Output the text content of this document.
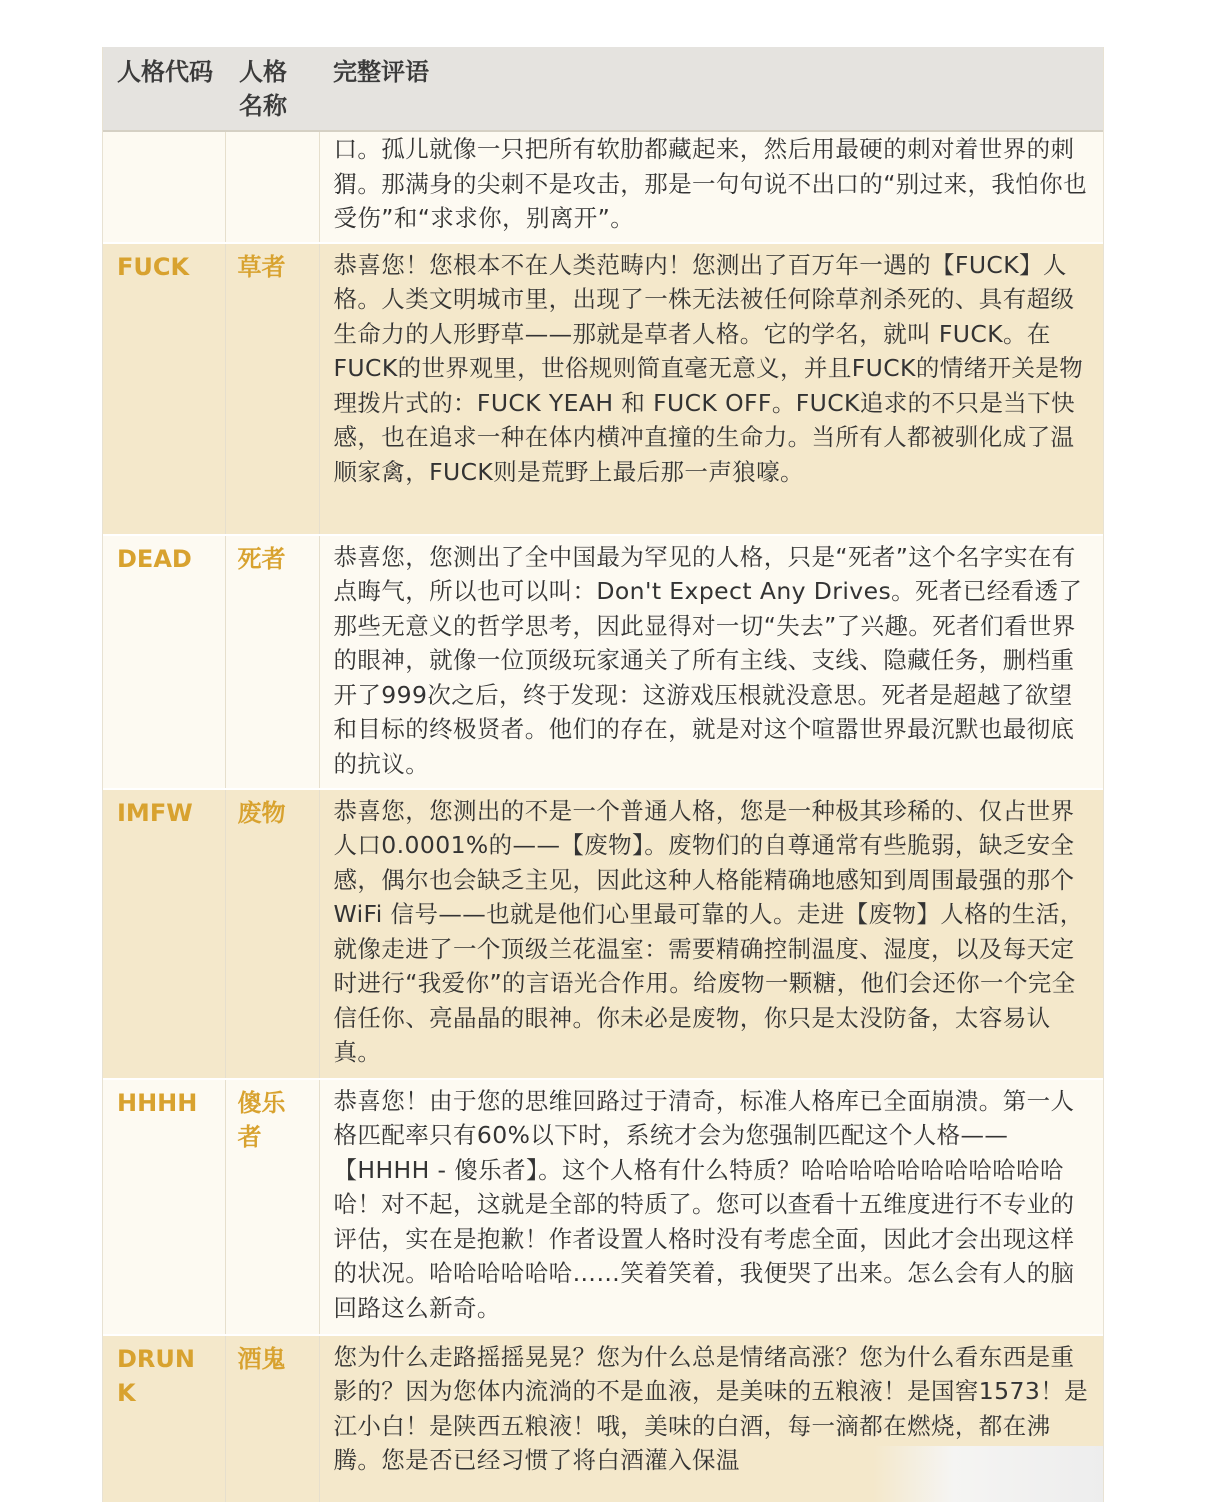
人格代码	人格名称	完整评语
		口。孤儿就像一只把所有软肋都藏起来，然后用最硬的刺对着世界的刺猬。那满身的尖刺不是攻击，那是一句句说不出口的“别过来，我怕你也受伤”和“求求你，别离开”。
FUCK	草者	恭喜您！您根本不在人类范畴内！您测出了百万年一遇的【FUCK】人格。人类文明城市里，出现了一株无法被任何除草剂杀死的、具有超级生命力的人形野草——那就是草者人格。它的学名，就叫 FUCK。在FUCK的世界观里，世俗规则简直毫无意义，并且FUCK的情绪开关是物理拨片式的：FUCK YEAH 和 FUCK OFF。FUCK追求的不只是当下快感，也在追求一种在体内横冲直撞的生命力。当所有人都被驯化成了温顺家禽，FUCK则是荒野上最后那一声狼嚎。
DEAD	死者	恭喜您，您测出了全中国最为罕见的人格，只是“死者”这个名字实在有点晦气，所以也可以叫：Don't Expect Any Drives。死者已经看透了那些无意义的哲学思考，因此显得对一切“失去”了兴趣。死者们看世界的眼神，就像一位顶级玩家通关了所有主线、支线、隐藏任务，删档重开了999次之后，终于发现：这游戏压根就没意思。死者是超越了欲望和目标的终极贤者。他们的存在，就是对这个喧嚣世界最沉默也最彻底的抗议。
IMFW	废物	恭喜您，您测出的不是一个普通人格，您是一种极其珍稀的、仅占世界人口0.0001%的——【废物】。废物们的自尊通常有些脆弱，缺乏安全感，偶尔也会缺乏主见，因此这种人格能精确地感知到周围最强的那个 WiFi 信号——也就是他们心里最可靠的人。走进【废物】人格的生活，就像走进了一个顶级兰花温室：需要精确控制温度、湿度，以及每天定时进行“我爱你”的言语光合作用。给废物一颗糖，他们会还你一个完全信任你、亮晶晶的眼神。你未必是废物，你只是太没防备，太容易认真。
HHHH	傻乐者	恭喜您！由于您的思维回路过于清奇，标准人格库已全面崩溃。第一人格匹配率只有60%以下时，系统才会为您强制匹配这个人格——【HHHH - 傻乐者】。这个人格有什么特质？哈哈哈哈哈哈哈哈哈哈哈哈！对不起，这就是全部的特质了。您可以查看十五维度进行不专业的评估，实在是抱歉！作者设置人格时没有考虑全面，因此才会出现这样的状况。哈哈哈哈哈哈……笑着笑着，我便哭了出来。怎么会有人的脑回路这么新奇。
DRUNK	酒鬼	您为什么走路摇摇晃晃？您为什么总是情绪高涨？您为什么看东西是重影的？因为您体内流淌的不是血液，是美味的五粮液！是国窖1573！是江小白！是陕西五粮液！哦，美味的白酒，每一滴都在燃烧，都在沸腾。您是否已经习惯了将白酒灌入保温
